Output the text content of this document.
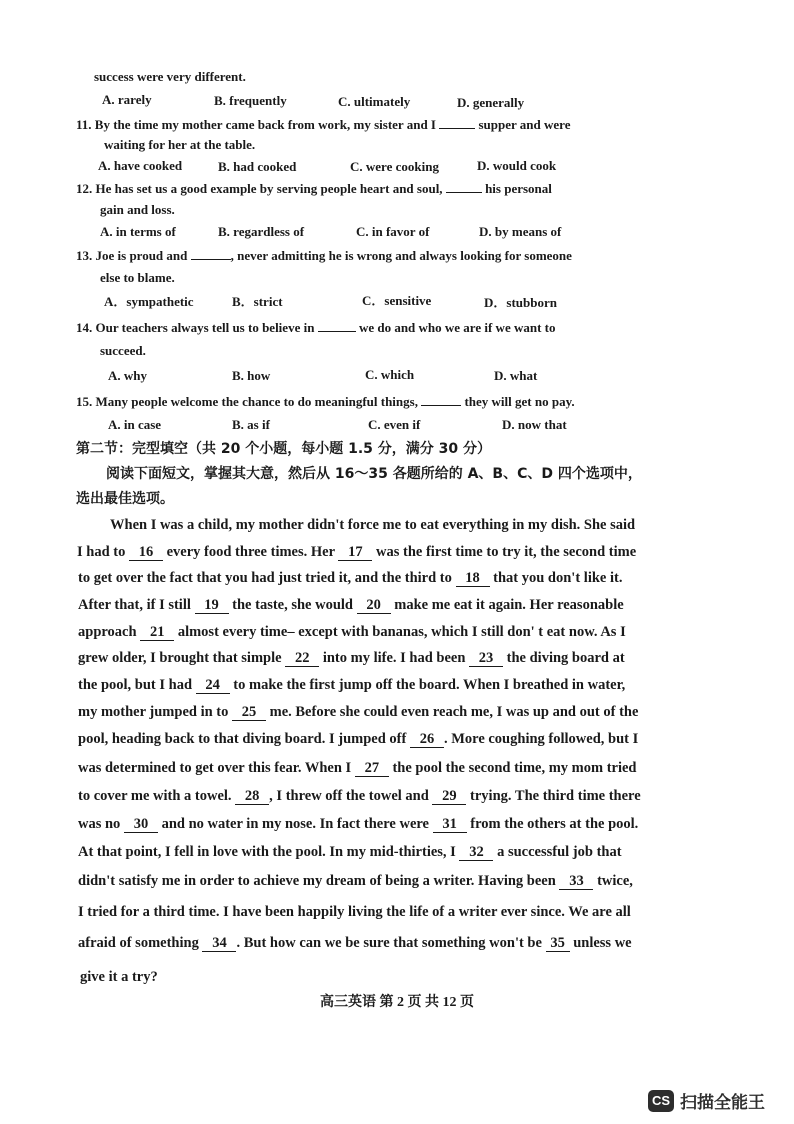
success were very different.
A. rarely	B. frequently	C. ultimately	D. generally
11. By the time my mother came back from work, my sister and I	supper and were
waiting for her at the table.
A. have cooked	B. had cooked	C. were cooking	D. would cook
12. He has set us a good example by serving people heart and soul,	his personal
gain and loss.
A. in terms of	B. regardless of	C. in favor of	D. by means of
13. Joe is proud and	, never admitting he is wrong and always looking for someone
else to blame.
A．sympathetic	B．strict	C．sensitive	D．stubborn
14. Our teachers always tell us to believe in	we do and who we are if we want to
succeed.
A. why	B. how	C. which	D. what
15. Many people welcome the chance to do meaningful things,	they will get no pay.
A. in case	B. as if	C. even if	D. now that
第二节：完型填空（共 20 个小题，每小题 1.5 分，满分 30 分）
阅读下面短文，掌握其大意，然后从 16～35 各题所给的 A、B、C、D 四个选项中，
选出最佳选项。
When I was a child, my mother didn't force me to eat everything in my dish. She said
I had to 16 every food three times. Her 17 was the first time to try it, the second time
to get over the fact that you had just tried it, and the third to 18 that you don't like it.
After that, if I still 19 the taste, she would 20 make me eat it again. Her reasonable
approach 21 almost every time– except with bananas, which I still don' t eat now. As I
grew older, I brought that simple 22 into my life. I had been 23 the diving board at
the pool, but I had 24 to make the first jump off the board. When I breathed in water,
my mother jumped in to 25 me. Before she could even reach me, I was up and out of the
pool, heading back to that diving board. I jumped off 26 . More coughing followed, but I
was determined to get over this fear. When I 27 the pool the second time, my mom tried
to cover me with a towel. 28 , I threw off the towel and 29 trying. The third time there
was no 30 and no water in my nose. In fact there were 31 from the others at the pool.
At that point, I fell in love with the pool. In my mid-thirties, I 32 a successful job that
didn't satisfy me in order to achieve my dream of being a writer. Having been 33 twice,
I tried for a third time. I have been happily living the life of a writer ever since. We are all
afraid of something 34 . But how can we be sure that something won't be 35 unless we
give it a try?
高三英语 第 2 页 共 12 页
CS 扫描全能王
